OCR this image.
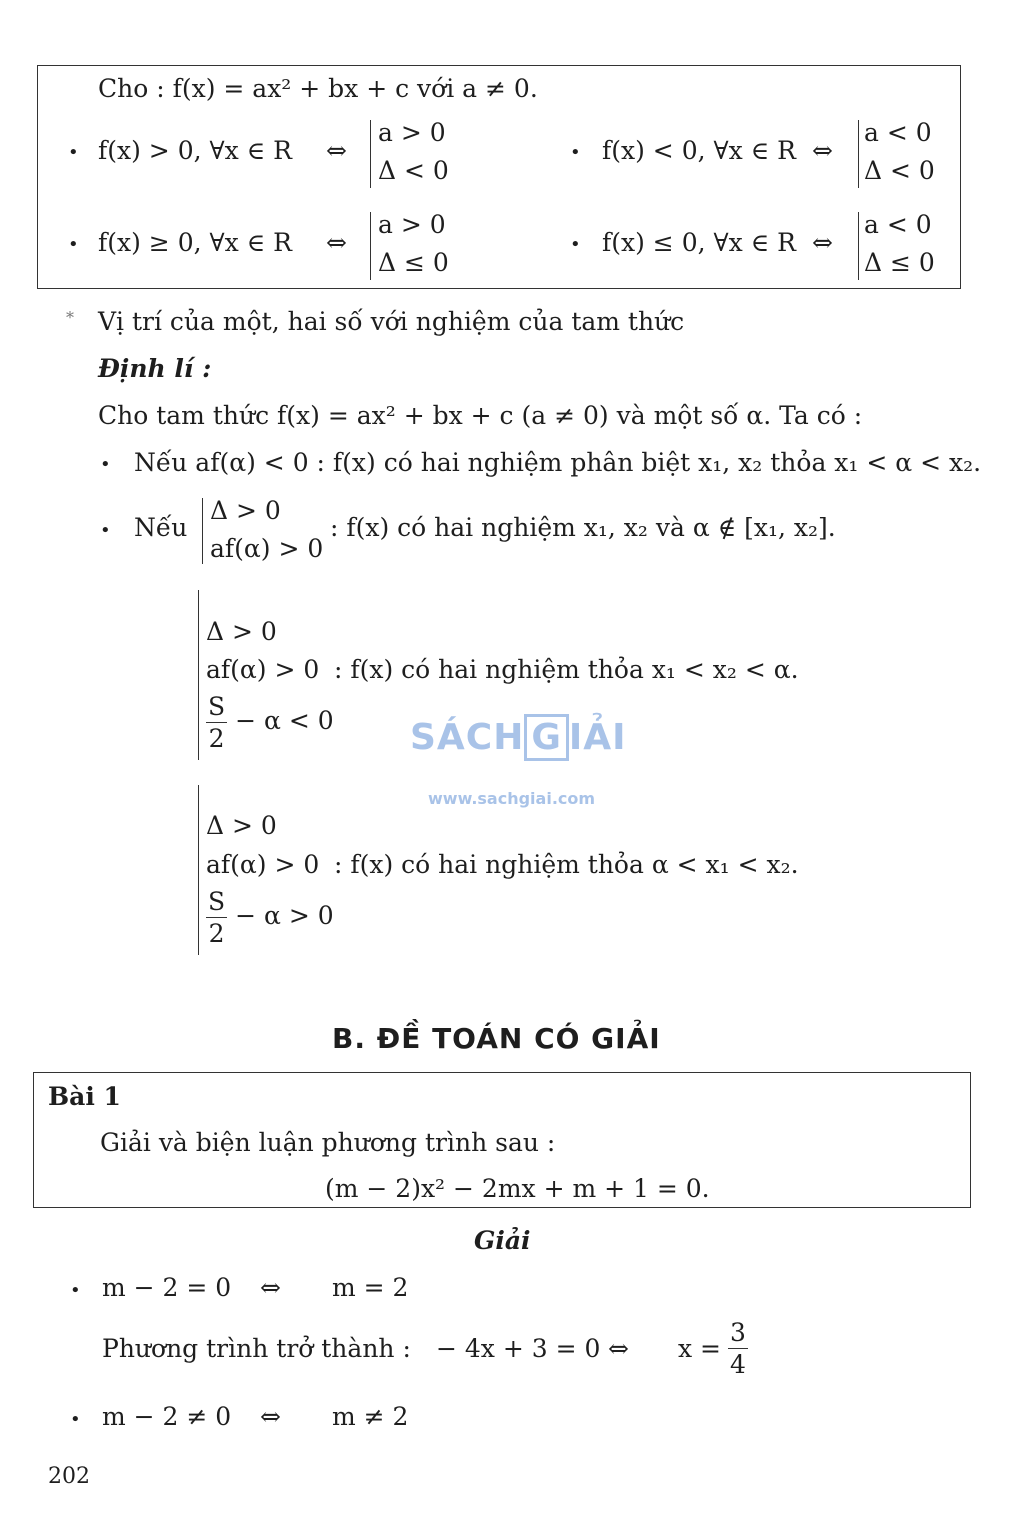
Cho : f(x) = ax² + bx + c với a ≠ 0.
• f(x) > 0, ∀x ∈ R ⇔
a > 0
Δ < 0
• f(x) < 0, ∀x ∈ R ⇔
a < 0
Δ < 0
• f(x) ≥ 0, ∀x ∈ R ⇔
a > 0
Δ ≤ 0
• f(x) ≤ 0, ∀x ∈ R ⇔
a < 0
Δ ≤ 0
* Vị trí của một, hai số với nghiệm của tam thức
Định lí :
Cho tam thức f(x) = ax² + bx + c (a ≠ 0) và một số α. Ta có :
• Nếu af(α) < 0 : f(x) có hai nghiệm phân biệt x₁, x₂ thỏa x₁ < α < x₂.
• Nếu
Δ > 0
af(α) > 0
: f(x) có hai nghiệm x₁, x₂ và α ∉ [x₁, x₂].
Δ > 0
af(α) > 0
$\frac{S}{2} - \alpha < 0$
: f(x) có hai nghiệm thỏa x₁ < x₂ < α.
SÁCH G IẢI
www.sachgiai.com
Δ > 0
af(α) > 0
$\frac{S}{2} - \alpha > 0$
: f(x) có hai nghiệm thỏa α < x₁ < x₂.
B. ĐỀ TOÁN CÓ GIẢI
Bài 1
Giải và biện luận phương trình sau :
(m − 2)x² − 2mx + m + 1 = 0.
Giải
• m − 2 = 0 ⇔ m = 2
Phương trình trở thành : − 4x + 3 = 0 ⇔ $x = \frac{3}{4}$
• m − 2 ≠ 0 ⇔ m ≠ 2
202
